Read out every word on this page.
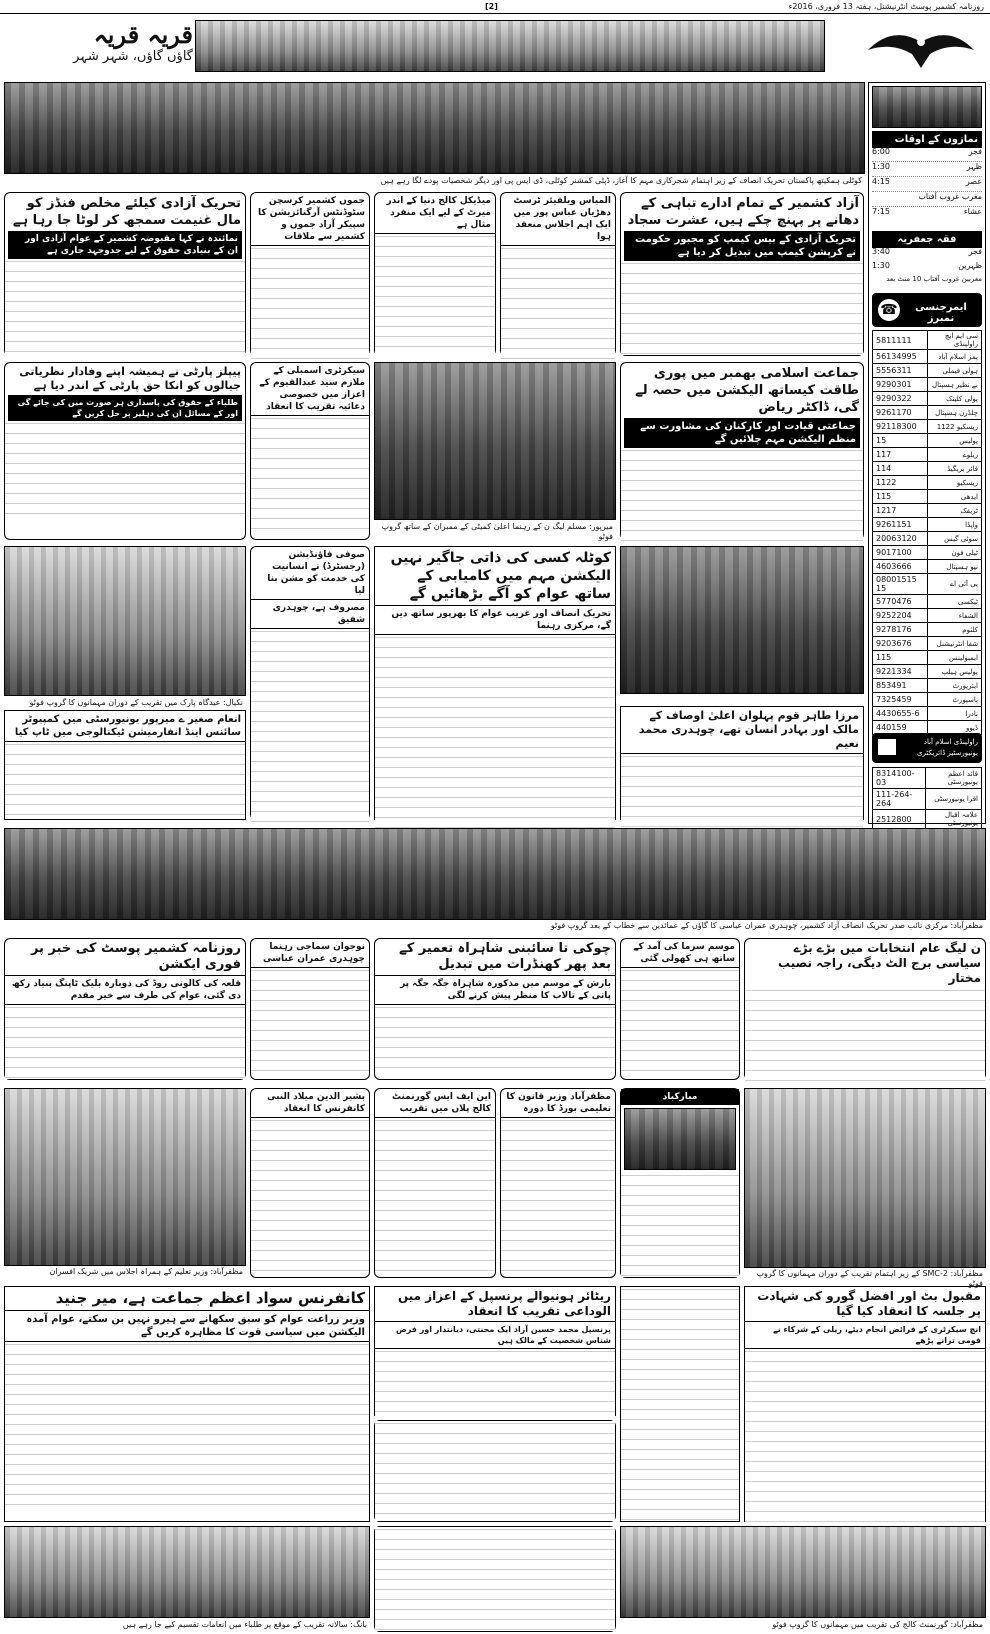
[2]	روزنامہ کشمیر پوسٹ انٹرنیشنل، ہفتہ 13 فروری، 2016ء
قریہ قریہ
گاؤں گاؤں، شہر شہر
کوٹلی ہمکیتھ پاکستان تحریک انصاف کے زیر اہتمام شجرکاری مہم کا آغاز، ڈپٹی کمشنر کوٹلی، ڈی ایس پی اور دیگر شخصیات پودے لگا رہے ہیں
نمازوں کے اوقات
فجر
6:00
ظہر
1:30
عصر
4:15
مغرب غروب آفتاب
عشاء
7:15
فقہ جعفریہ
فجر
3:40
ظہرین
1:30
مغربین غروب آفتاب 10 منٹ بعد
☎	ایمرجنسی نمبرز
5811111	سی ایم ایچ راولپنڈی
56134995	پمز اسلام آباد
5556311	ہولی فیملی
9290301	بے نظیر ہسپتال
9290322	پولی کلینک
9261170	چلڈرن ہسپتال
92118300	ریسکیو 1122
15	پولیس
117	ریلوے
114	فائر بریگیڈ
1122	ریسکیو
115	ایدھی
1217	ٹریفک
9261151	واپڈا
20063120	سوئی گیس
9017100	ٹیلی فون
4603666	نیو ہسپتال
08001515 15	پی آئی اے
5770476	ٹیکسی
9252204	الشفاء
9278176	کلثوم
9203676	شفا انٹرنیشنل
115	ایمبولینس
9221334	پولیس ہیلپ
853491	ایئرپورٹ
7325459	پاسپورٹ
4430655-6	نادرا
440159	ڈیوو
راولپنڈی اسلام آباد یونیورسٹیز ڈائریکٹری
8314100-03	قائد اعظم یونیورسٹی
111-264-264	اقرا یونیورسٹی
2512800	علامہ اقبال یونیورسٹی
آزاد کشمیر کے تمام ادارے تباہی کے دھانے پر پہنچ چکے ہیں، عشرت سجاد
تحریک آزادی کے بیس کیمپ کو مجبور حکومت نے کرپشن کیمپ میں تبدیل کر دیا ہے
المیاس ویلفیئر ٹرسٹ دھڑیاں عباس پور میں ایک اہم اجلاس منعقد ہوا
میڈیکل کالج دنیا کے اندر میرٹ کے لیے ایک منفرد مثال ہے
جموں کشمیر کرسچن سٹوڈنٹس آرگنائزیشن کا سپیکر آزاد جموں و کشمیر سے ملاقات
تحریک آزادی کیلئے مخلص فنڈز کو مال غنیمت سمجھ کر لوٹا جا رہا ہے
نمائندہ نے کہا مقبوضہ کشمیر کے عوام آزادی اور ان کے بنیادی حقوق کے لیے جدوجہد جاری ہے
جماعت اسلامی بھمبر میں پوری طاقت کیساتھ الیکشن میں حصہ لے گی، ڈاکٹر ریاض
جماعتی قیادت اور کارکنان کی مشاورت سے منظم الیکشن مہم چلائیں گے
میرپور: مسلم لیگ ن کے رہنما اعلیٰ کمیٹی کے ممبران کے ساتھ گروپ فوٹو
سیکرٹری اسمبلی کے ملازم سید عبدالقیوم کے اعزاز میں خصوصی دعائیہ تقریب کا انعقاد
پیپلز پارٹی نے ہمیشہ اپنے وفادار نظریاتی جیالوں کو انکا حق پارٹی کے اندر دیا ہے
طلباء کے حقوق کی پاسداری ہر صورت میں کی جائے گی اور کے مسائل ان کی دہلیز پر حل کریں گے
مرزا طاہر قوم پہلوان اعلیٰ اوصاف کے مالک اور بہادر انسان تھے، چوہدری محمد نعیم
کوٹلہ کسی کی ذاتی جاگیر نہیں الیکشن مہم میں کامیابی کے ساتھ عوام کو آگے بڑھائیں گے
تحریک انصاف اور غریب عوام کا بھرپور ساتھ دیں گے، مرکزی رہنما
صوفی فاؤنڈیشن (رجسٹرڈ) نے انسانیت کی خدمت کو مشن بنا لیا
مصروف ہے، چوہدری شفیق
نکیال: عیدگاہ پارک میں تقریب کے دوران مہمانوں کا گروپ فوٹو
انعام صغیر ے میرپور یونیورسٹی میں کمپیوٹر سائنس اینڈ انفارمیشن ٹیکنالوجی میں ٹاپ کیا
مظفرآباد: مرکزی نائب صدر تحریک انصاف آزاد کشمیر، چوہدری عمران عباسی کا گاؤں کے عمائدین سے خطاب کے بعد گروپ فوٹو
ن لیگ عام انتخابات میں بڑے بڑے سیاسی برج الٹ دیگی، راجہ نصیب مختار
موسم سرما کی آمد کے ساتھ ہی کھولی گئی
چوکی تا سائبنی شاہراہ تعمیر کے بعد پھر کھنڈرات میں تبدیل
بارش کے موسم میں مذکورہ شاہراہ جگہ جگہ پر پانی کے تالاب کا منظر پیش کرنے لگی
نوجوان سماجی رہنما چوہدری عمران عباسی
روزنامہ کشمیر پوسٹ کی خبر پر فوری ایکشن
قلعہ کی کالونی روڈ کی دوبارہ بلیک ٹاپنگ بنیاد رکھ دی گئی، عوام کی طرف سے خیر مقدم
مظفرآباد: SMC-2 کے زیر اہتمام تقریب کے دوران مہمانوں کا گروپ فوٹو
مبارکباد
مظفرآباد وزیر قانون کا تعلیمی بورڈ کا دورہ
این ایف ایس گورنمنٹ کالج پلاں میں تقریب
بشیر الدین میلاد النبی کانفرنس کا انعقاد
مظفرآباد: وزیر تعلیم کے ہمراہ اجلاس میں شریک افسران
مقبول بٹ اور افضل گورو کی شہادت پر جلسہ کا انعقاد کیا گیا
انچ سیکرٹری کے فرائض انجام دیئے، ریلی کے شرکاء نے قومی ترانے پڑھے
ریٹائر ہونیوالے پرنسپل کے اعزاز میں الوداعی تقریب کا انعقاد
پرنسپل محمد حسین آزاد ایک محنتی، دیانتدار اور فرض شناس شخصیت کے مالک ہیں
کانفرنس سواد اعظم جماعت ہے، میر جنید
وزیر زراعت عوام کو سبق سکھانے سے ہیرو نہیں بن سکتے، عوام آمدہ الیکشن میں سیاسی قوت کا مظاہرہ کریں گے
بانگ: سالانہ تقریب کے موقع پر طلباء میں انعامات تقسیم کیے جا رہے ہیں	مظفرآباد: گورنمنٹ کالج کی تقریب میں مہمانوں کا گروپ فوٹو
